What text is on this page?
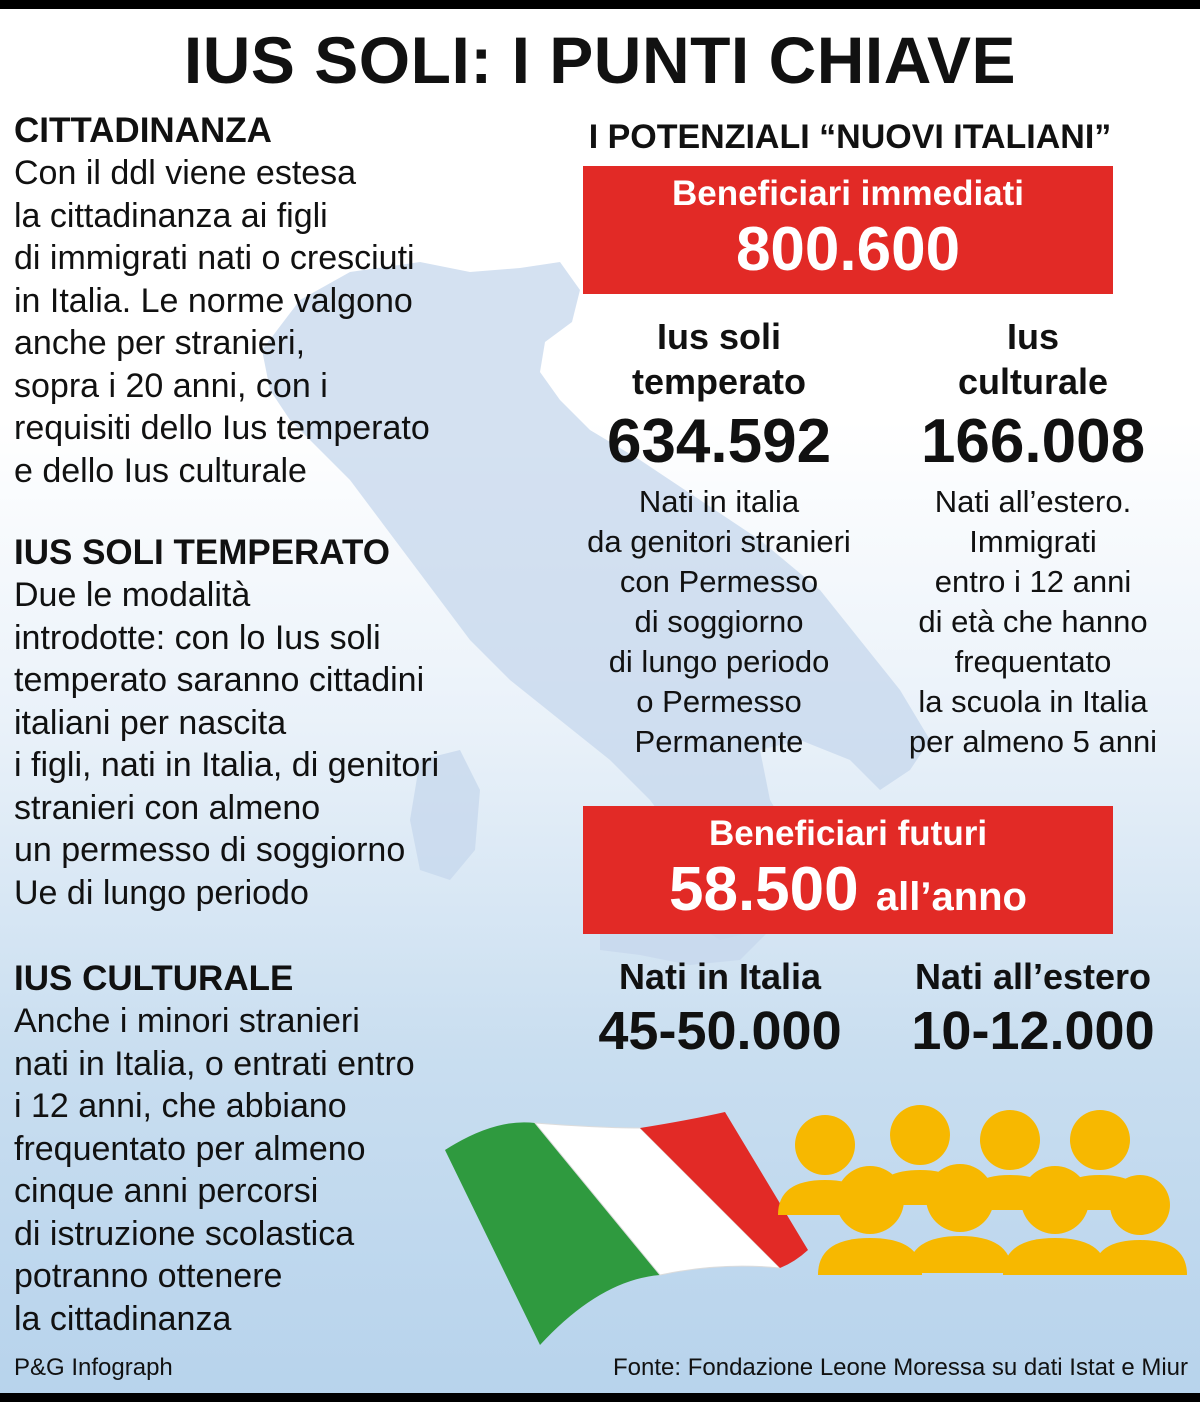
IUS SOLI: I PUNTI CHIAVE
CITTADINANZA

Con il ddl viene estesa
la cittadinanza ai figli
di immigrati nati o cresciuti
in Italia. Le norme valgono
anche per stranieri,
sopra i 20 anni, con i
requisiti dello Ius temperato
e dello Ius culturale

IUS SOLI TEMPERATO

Due le modalità
introdotte: con lo Ius soli
temperato saranno cittadini
italiani per nascita
i figli, nati in Italia, di genitori
stranieri con almeno
un permesso di soggiorno
Ue di lungo periodo

IUS CULTURALE

Anche i minori stranieri
nati in Italia, o entrati entro
i 12 anni, che abbiano
frequentato per almeno
cinque anni percorsi
di istruzione scolastica
potranno ottenere
la cittadinanza

I POTENZIALI “NUOVI ITALIANI”
Beneficiari immediati
800.600
Ius soli
temperato
634.592
Nati in italia
da genitori stranieri
con Permesso
di soggiorno
di lungo periodo
o Permesso
Permanente
Ius
culturale
166.008
Nati all’estero.
Immigrati
entro i 12 anni
di età che hanno
frequentato
la scuola in Italia
per almeno 5 anni
Beneficiari futuri
58.500 all’anno
Nati in Italia
45-50.000
Nati all’estero
10-12.000
P&G Infograph	Fonte: Fondazione Leone Moressa su dati Istat e Miur
